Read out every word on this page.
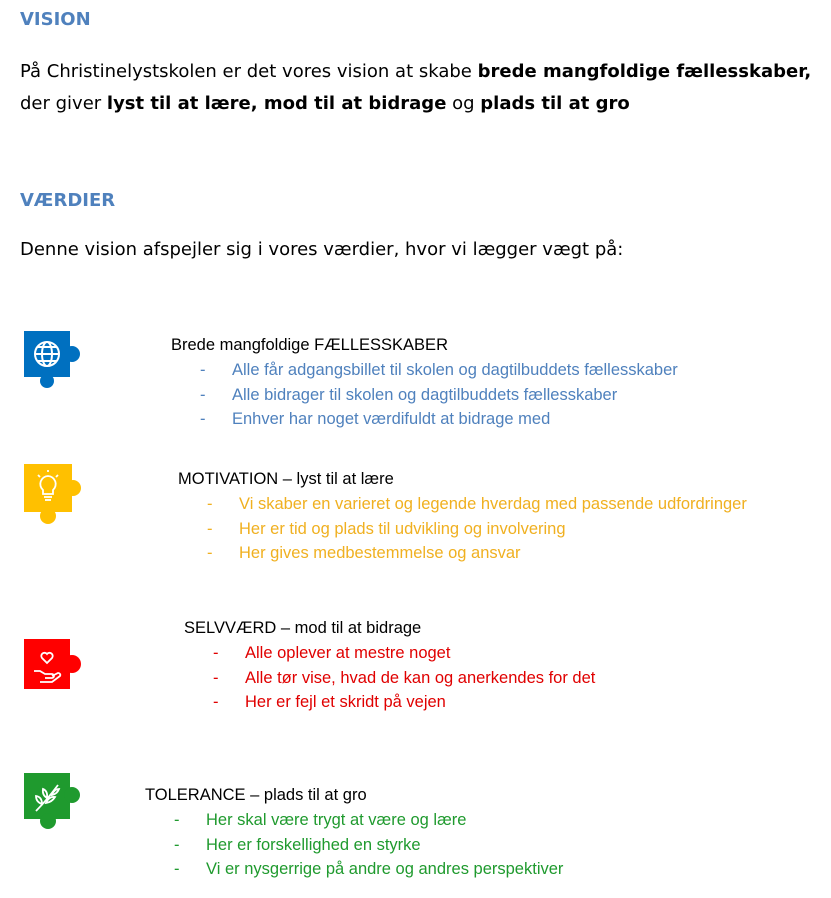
VISION

På Christinelystskolen er det vores vision at skabe brede mangfoldige fællesskaber,
der giver lyst til at lære, mod til at bidrage og plads til at gro

VÆRDIER

Denne vision afspejler sig i vores værdier, hvor vi lægger vægt på:

Brede mangfoldige FÆLLESSKABER
- Alle får adgangsbillet til skolen og dagtilbuddets fællesskaber
- Alle bidrager til skolen og dagtilbuddets fællesskaber
- Enhver har noget værdifuldt at bidrage med
MOTIVATION – lyst til at lære
- Vi skaber en varieret og legende hverdag med passende udfordringer
- Her er tid og plads til udvikling og involvering
- Her gives medbestemmelse og ansvar
SELVVÆRD – mod til at bidrage
- Alle oplever at mestre noget
- Alle tør vise, hvad de kan og anerkendes for det
- Her er fejl et skridt på vejen
TOLERANCE – plads til at gro
- Her skal være trygt at være og lære
- Her er forskellighed en styrke
- Vi er nysgerrige på andre og andres perspektiver
